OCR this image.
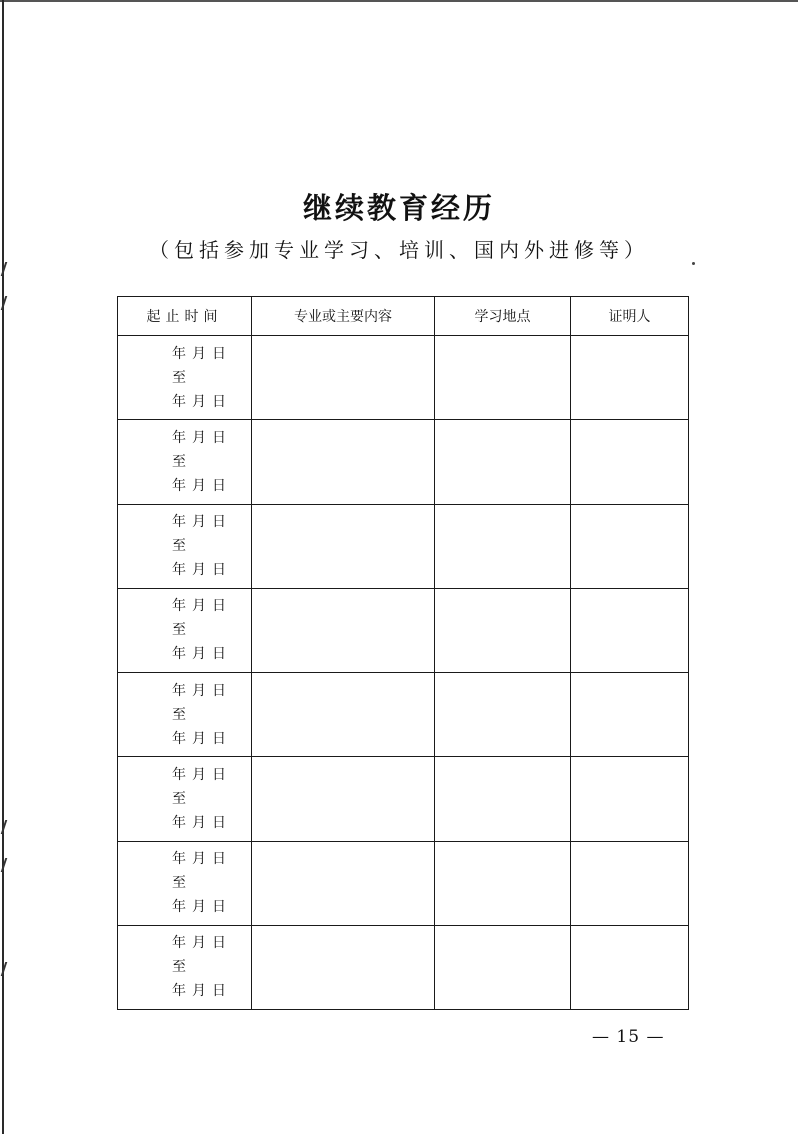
继续教育经历
（包括参加专业学习、培训、国内外进修等）
起止时间	专业或主要内容	学习地点	证明人

年月日
至
年月日			

年月日
至
年月日			

年月日
至
年月日			

年月日
至
年月日			

年月日
至
年月日			

年月日
至
年月日			

年月日
至
年月日			

年月日
至
年月日			

— 15 —
